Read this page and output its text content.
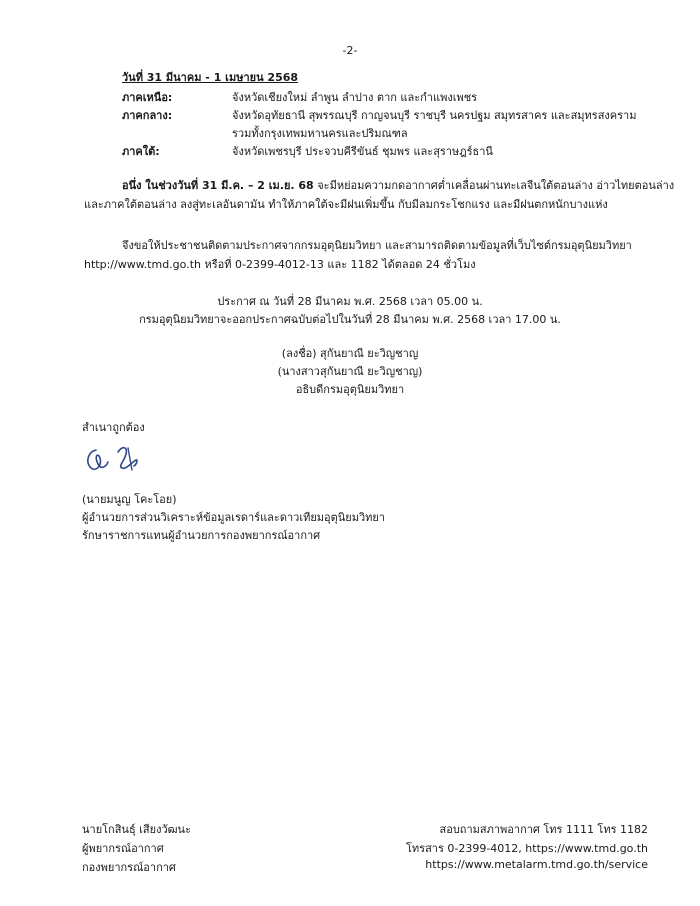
-2-
วันที่ 31 มีนาคม - 1 เมษายน 2568
ภาคเหนือ:	จังหวัดเชียงใหม่ ลำพูน ลำปาง ตาก และกำแพงเพชร
ภาคกลาง:	จังหวัดอุทัยธานี สุพรรณบุรี กาญจนบุรี ราชบุรี นครปฐม สมุทรสาคร และสมุทรสงคราม
รวมทั้งกรุงเทพมหานครและปริมณฑล
ภาคใต้:	จังหวัดเพชรบุรี ประจวบคีรีขันธ์ ชุมพร และสุราษฎร์ธานี
อนึ่ง ในช่วงวันที่ 31 มี.ค. – 2 เม.ย. 68 จะมีหย่อมความกดอากาศต่ำเคลื่อนผ่านทะเลจีนใต้ตอนล่าง อ่าวไทยตอนล่าง
และภาคใต้ตอนล่าง ลงสู่ทะเลอันดามัน ทำให้ภาคใต้จะมีฝนเพิ่มขึ้น กับมีลมกระโชกแรง และมีฝนตกหนักบางแห่ง
จึงขอให้ประชาชนติดตามประกาศจากกรมอุตุนิยมวิทยา และสามารถติดตามข้อมูลที่เว็บไซต์กรมอุตุนิยมวิทยา
http://www.tmd.go.th หรือที่ 0-2399-4012-13 และ 1182 ได้ตลอด 24 ชั่วโมง
ประกาศ ณ วันที่ 28 มีนาคม พ.ศ. 2568 เวลา 05.00 น.
กรมอุตุนิยมวิทยาจะออกประกาศฉบับต่อไปในวันที่ 28 มีนาคม พ.ศ. 2568 เวลา 17.00 น.
(ลงชื่อ) สุกันยาณี ยะวิญชาญ
(นางสาวสุกันยาณี ยะวิญชาญ)
อธิบดีกรมอุตุนิยมวิทยา
สำเนาถูกต้อง
(นายมนูญ โคะโอย)
ผู้อำนวยการส่วนวิเคราะห์ข้อมูลเรดาร์และดาวเทียมอุตุนิยมวิทยา
รักษาราชการแทนผู้อำนวยการกองพยากรณ์อากาศ
นายโกสินธุ์ เสียงวัฒนะ
ผู้พยากรณ์อากาศ
กองพยากรณ์อากาศ
สอบถามสภาพอากาศ โทร 1111 โทร 1182
โทรสาร 0-2399-4012, https://www.tmd.go.th
https://www.metalarm.tmd.go.th/service
